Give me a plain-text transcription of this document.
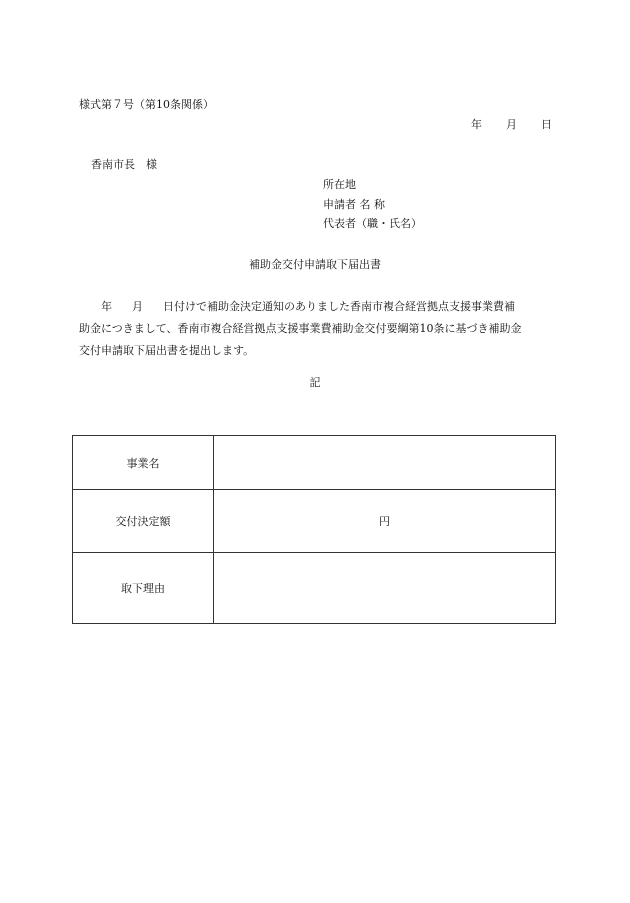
様式第７号（第10条関係）
年 月 日
香南市長　様
所在地
申請者 名 称
代表者（職・氏名）
補助金交付申請取下届出書
年 月 日付けで補助金決定通知のありました香南市複合経営拠点支援事業費補
助金につきまして、香南市複合経営拠点支援事業費補助金交付要綱第10条に基づき補助金
交付申請取下届出書を提出します。
記
事業名	
交付決定額	円
取下理由	
